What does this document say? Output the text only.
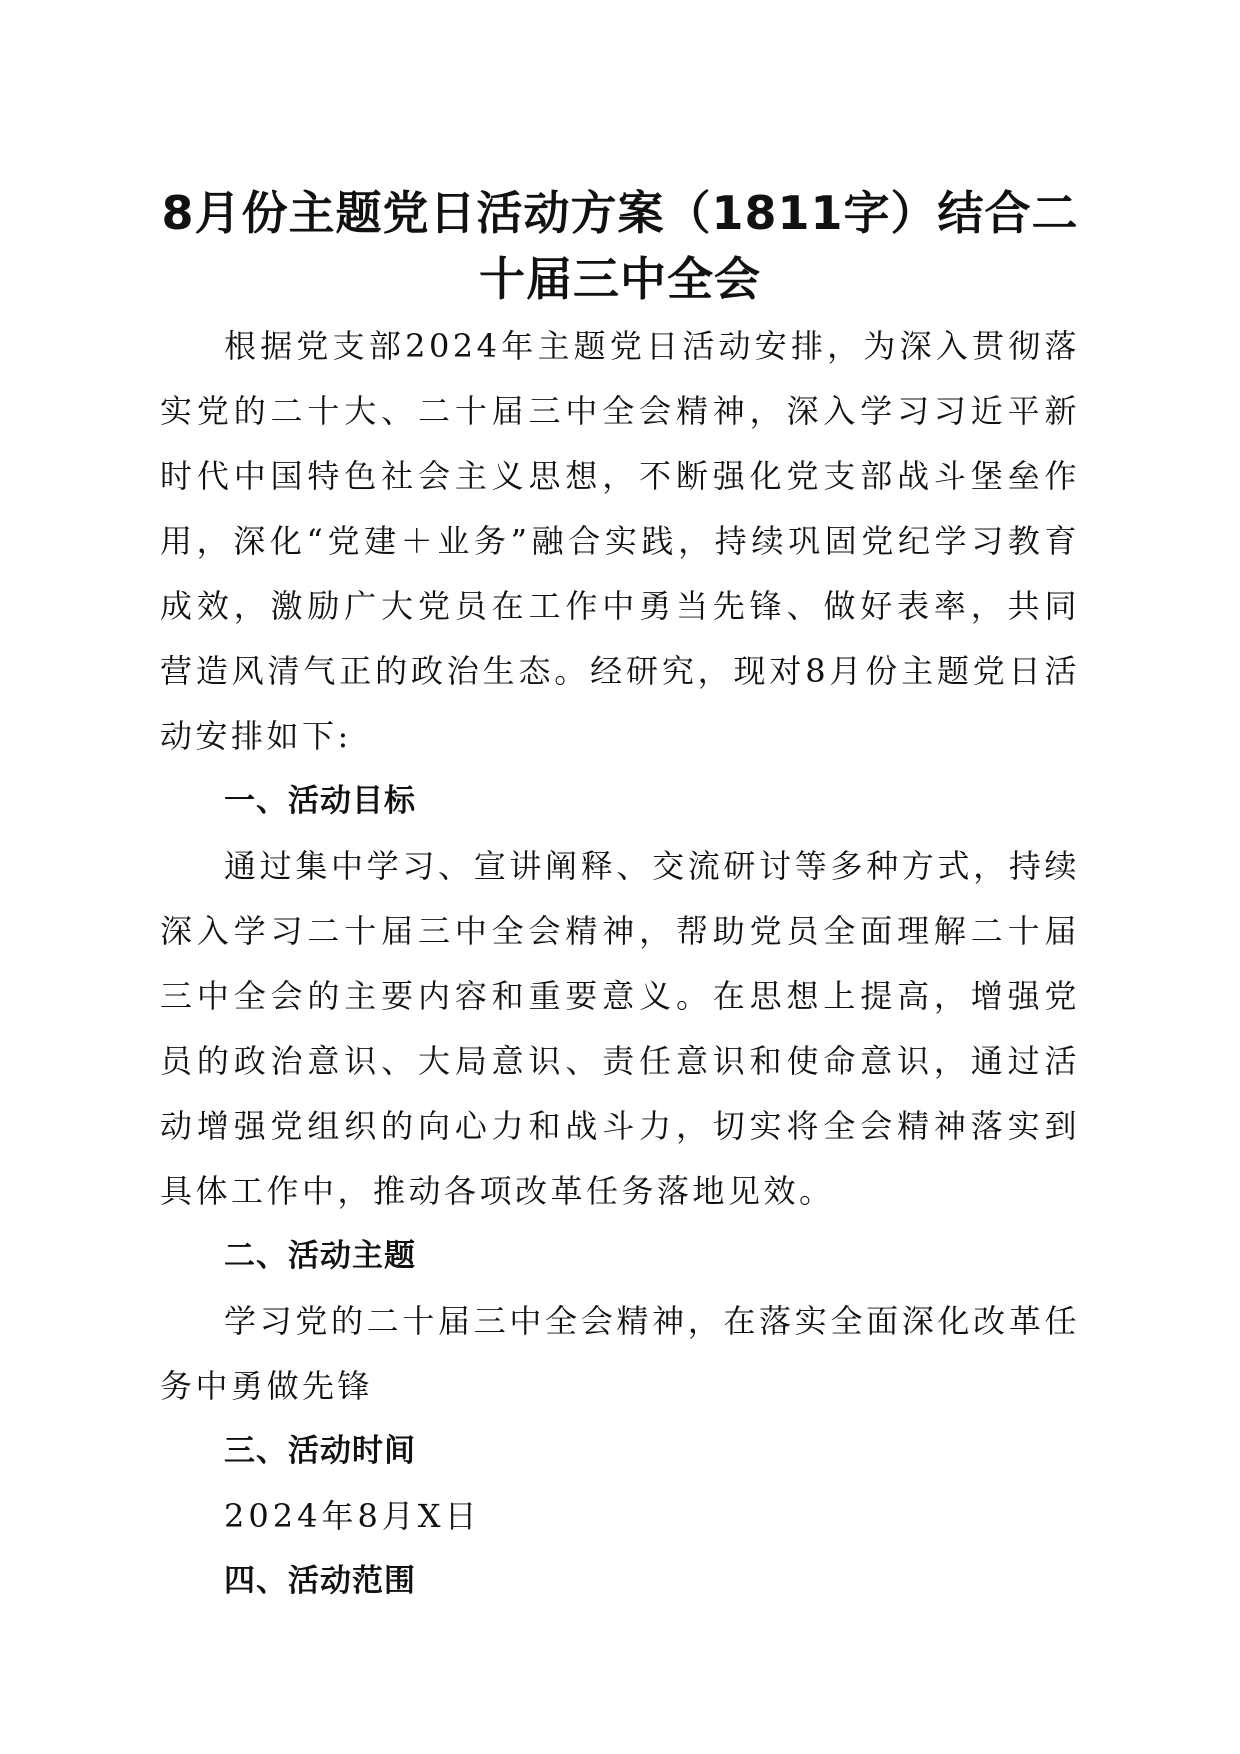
8月份主题党日活动方案（1811字）结合二十届三中全会

根据党支部2024年主题党日活动安排，为深入贯彻落实党的二十大、二十届三中全会精神，深入学习习近平新时代中国特色社会主义思想，不断强化党支部战斗堡垒作用，深化“党建＋业务”融合实践，持续巩固党纪学习教育成效，激励广大党员在工作中勇当先锋、做好表率，共同营造风清气正的政治生态。经研究，现对8月份主题党日活动安排如下:

一、活动目标

通过集中学习、宣讲阐释、交流研讨等多种方式，持续深入学习二十届三中全会精神，帮助党员全面理解二十届三中全会的主要内容和重要意义。在思想上提高，增强党员的政治意识、大局意识、责任意识和使命意识，通过活动增强党组织的向心力和战斗力，切实将全会精神落实到具体工作中，推动各项改革任务落地见效。

二、活动主题

学习党的二十届三中全会精神，在落实全面深化改革任务中勇做先锋

三、活动时间

2024年8月X日

四、活动范围
